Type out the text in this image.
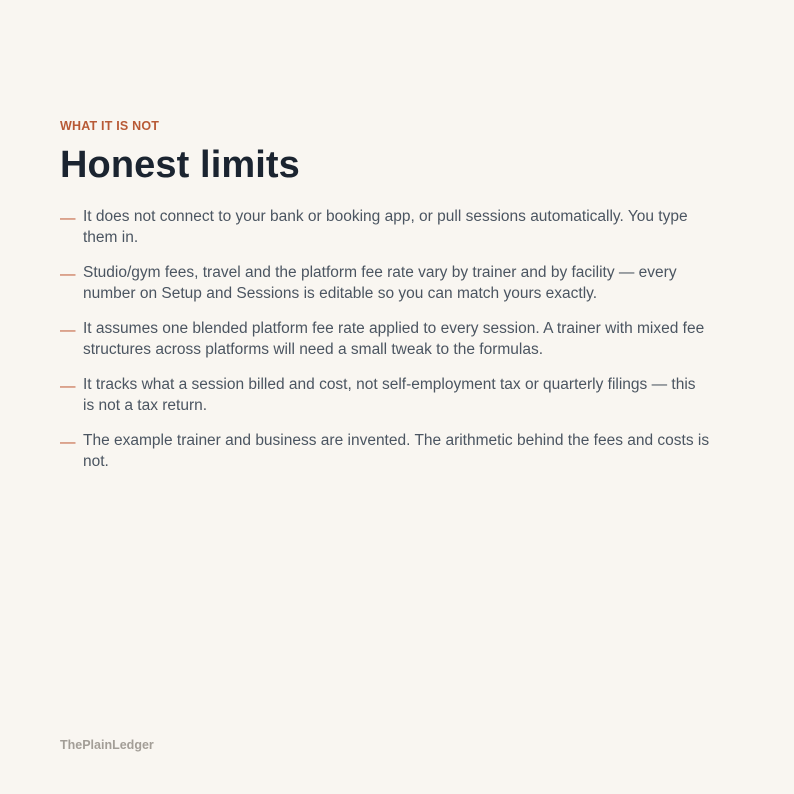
WHAT IT IS NOT

Honest limits
— It does not connect to your bank or booking app, or pull sessions automatically. You type them in.
— Studio/gym fees, travel and the platform fee rate vary by trainer and by facility — every number on Setup and Sessions is editable so you can match yours exactly.
— It assumes one blended platform fee rate applied to every session. A trainer with mixed fee structures across platforms will need a small tweak to the formulas.
— It tracks what a session billed and cost, not self-employment tax or quarterly filings — this is not a tax return.
— The example trainer and business are invented. The arithmetic behind the fees and costs is not.
ThePlainLedger
